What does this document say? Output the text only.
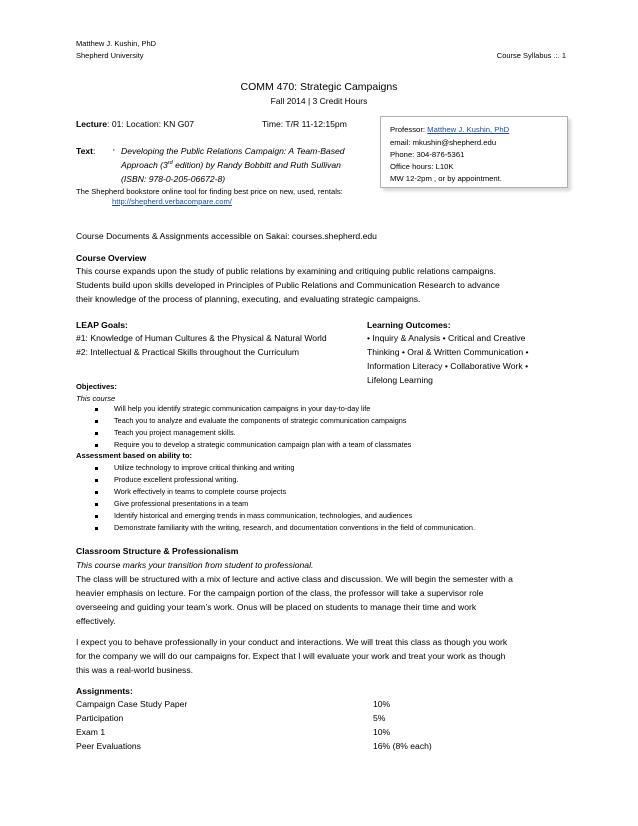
Matthew J. Kushin, PhD
Shepherd University	Course Syllabus .:. 1
COMM 470: Strategic Campaigns
Fall 2014 | 3 Credit Hours
Lecture: 01: Location: KN G07	Time: T/R 11-12:15pm
Text: · Developing the Public Relations Campaign: A Team-Based
Approach (3rd edition) by Randy Bobbitt and Ruth Sullivan
(ISBN: 978-0-205-06672-8)
The Shepherd bookstore online tool for finding best price on new, used, rentals:
http://shepherd.verbacompare.com/
Professor: Matthew J. Kushin, PhD
email: mkushin@shepherd.edu
Phone: 304-876-5361
Office hours: L10K
MW 12-2pm , or by appointment.
Course Documents & Assignments accessible on Sakai: courses.shepherd.edu
Course Overview
This course expands upon the study of public relations by examining and critiquing public relations campaigns.
Students build upon skills developed in Principles of Public Relations and Communication Research to advance
their knowledge of the process of planning, executing, and evaluating strategic campaigns.
LEAP Goals:
#1: Knowledge of Human Cultures & the Physical & Natural World
#2: Intellectual & Practical Skills throughout the Curriculum
Learning Outcomes:
• Inquiry & Analysis • Critical and Creative
Thinking • Oral & Written Communication •
Information Literacy • Collaborative Work •
Lifelong Learning
Objectives:
This course
Will help you identify strategic communication campaigns in your day-to-day life
Teach you to analyze and evaluate the components of strategic communication campaigns
Teach you project management skills.
Require you to develop a strategic communication campaign plan with a team of classmates
Assessment based on ability to:
Utilize technology to improve critical thinking and writing
Produce excellent professional writing.
Work effectively in teams to complete course projects
Give professional presentations in a team
Identify historical and emerging trends in mass communication, technologies, and audiences
Demonstrate familiarity with the writing, research, and documentation conventions in the field of communication.
Classroom Structure & Professionalism
This course marks your transition from student to professional.
The class will be structured with a mix of lecture and active class and discussion. We will begin the semester with a
heavier emphasis on lecture. For the campaign portion of the class, the professor will take a supervisor role
overseeing and guiding your team’s work. Onus will be placed on students to manage their time and work
effectively.
I expect you to behave professionally in your conduct and interactions. We will treat this class as though you work
for the company we will do our campaigns for. Expect that I will evaluate your work and treat your work as though
this was a real-world business.
Assignments:
Campaign Case Study Paper	10%
Participation	5%
Exam 1	10%
Peer Evaluations	16% (8% each)
